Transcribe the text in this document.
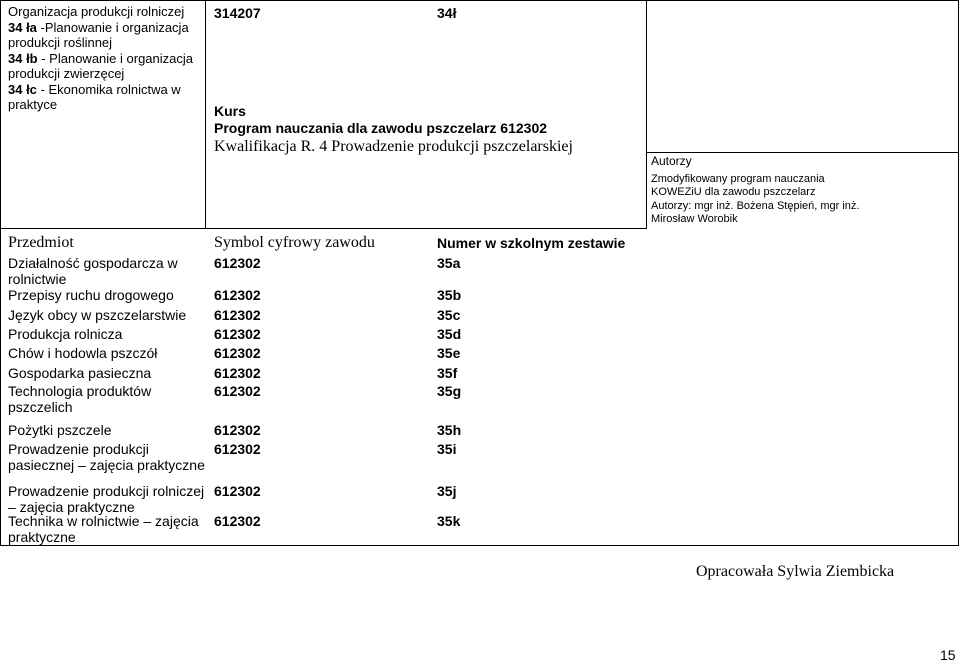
Organizacja produkcji rolniczej
34 ła -Planowanie i organizacja produkcji roślinnej
34 łb - Planowanie i organizacja produkcji zwierzęcej
34 łc - Ekonomika rolnictwa w praktyce
314207	34ł
Kurs
Program nauczania dla zawodu pszczelarz 612302
Kwalifikacja R. 4 Prowadzenie produkcji pszczelarskiej
Autorzy
Zmodyfikowany program nauczania
KOWEZiU dla zawodu pszczelarz
Autorzy: mgr inż. Bożena Stępień, mgr inż.
Mirosław Worobik
Przedmiot	Symbol cyfrowy zawodu	Numer w szkolnym zestawie
Działalność gospodarcza w rolnictwie
612302	35a
Przepisy ruchu drogowego	612302	35b
Język obcy w pszczelarstwie	612302	35c
Produkcja rolnicza	612302	35d
Chów i hodowla pszczół	612302	35e
Gospodarka pasieczna	612302	35f
Technologia produktów pszczelich
612302	35g
Pożytki pszczele	612302	35h
Prowadzenie produkcji pasiecznej – zajęcia praktyczne
612302	35i
Prowadzenie produkcji rolniczej – zajęcia praktyczne
612302	35j
Technika w rolnictwie – zajęcia praktyczne
612302	35k
Opracowała Sylwia Ziembicka
15
